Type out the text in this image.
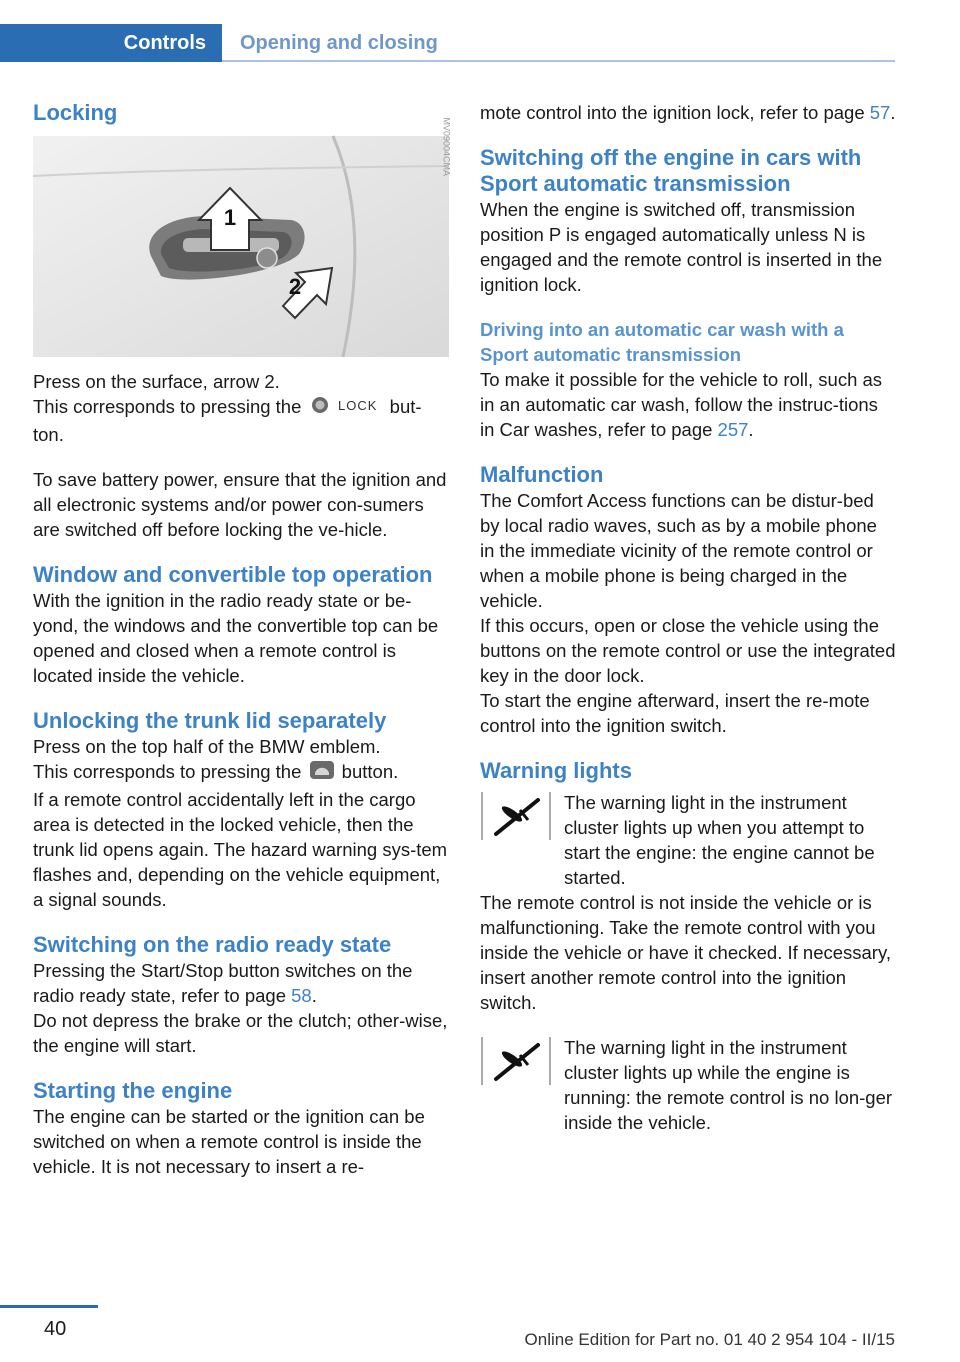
Controls	Opening and closing
Locking
1
2
MV09004CMA

Press on the surface, arrow 2.

This corresponds to pressing the LOCK but‐ton.

To save battery power, ensure that the ignition and all electronic systems and/or power con‐sumers are switched off before locking the ve‐hicle.

Window and convertible top operation

With the ignition in the radio ready state or be‐yond, the windows and the convertible top can be opened and closed when a remote control is located inside the vehicle.

Unlocking the trunk lid separately

Press on the top half of the BMW emblem.

This corresponds to pressing the  button.

If a remote control accidentally left in the cargo area is detected in the locked vehicle, then the trunk lid opens again. The hazard warning sys‐tem flashes and, depending on the vehicle equipment, a signal sounds.

Switching on the radio ready state

Pressing the Start/Stop button switches on the radio ready state, refer to page 58.

Do not depress the brake or the clutch; other‐wise, the engine will start.

Starting the engine

The engine can be started or the ignition can be switched on when a remote control is inside the vehicle. It is not necessary to insert a re‐

mote control into the ignition lock, refer to page 57.

Switching off the engine in cars with Sport automatic transmission

When the engine is switched off, transmission position P is engaged automatically unless N is engaged and the remote control is inserted in the ignition lock.

Driving into an automatic car wash with a Sport automatic transmission

To make it possible for the vehicle to roll, such as in an automatic car wash, follow the instruc‐tions in Car washes, refer to page 257.

Malfunction

The Comfort Access functions can be distur‐bed by local radio waves, such as by a mobile phone in the immediate vicinity of the remote control or when a mobile phone is being charged in the vehicle.

If this occurs, open or close the vehicle using the buttons on the remote control or use the integrated key in the door lock.

To start the engine afterward, insert the re‐mote control into the ignition switch.

Warning lights

The warning light in the instrument cluster lights up when you attempt to start the engine: the engine cannot be started.

The remote control is not inside the vehicle or is malfunctioning. Take the remote control with you inside the vehicle or have it checked. If necessary, insert another remote control into the ignition switch.

The warning light in the instrument cluster lights up while the engine is running: the remote control is no lon‐ger inside the vehicle.

40	Online Edition for Part no. 01 40 2 954 104 - II/15
